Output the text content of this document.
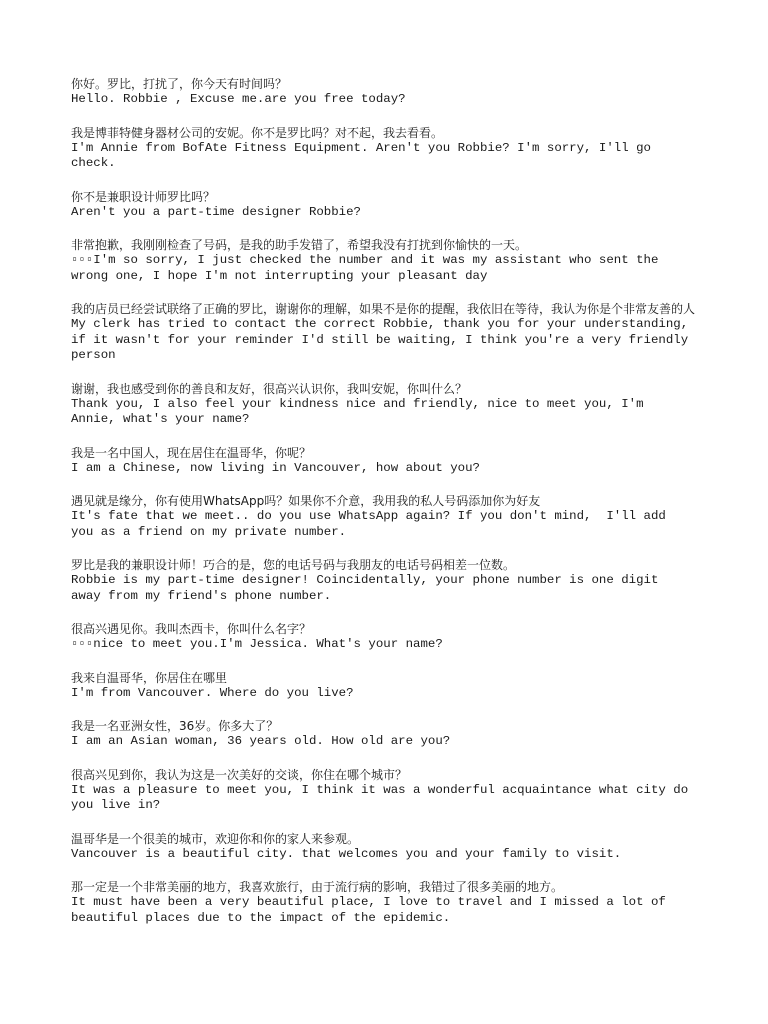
你好。罗比，打扰了，你今天有时间吗？
Hello. Robbie , Excuse me.are you free today?
我是博菲特健身器材公司的安妮。你不是罗比吗？对不起，我去看看。
I'm Annie from BofAte Fitness Equipment. Aren't you Robbie? I'm sorry, I'll go
check.
你不是兼职设计师罗比吗？
Aren't you a part-time designer Robbie?
非常抱歉，我刚刚检查了号码，是我的助手发错了，希望我没有打扰到你愉快的一天。
▫▫▫I'm so sorry, I just checked the number and it was my assistant who sent the
wrong one, I hope I'm not interrupting your pleasant day
我的店员已经尝试联络了正确的罗比，谢谢你的理解，如果不是你的提醒，我依旧在等待，我认为你是个非常友善的人
My clerk has tried to contact the correct Robbie, thank you for your understanding,
if it wasn't for your reminder I'd still be waiting, I think you're a very friendly
person
谢谢，我也感受到你的善良和友好，很高兴认识你，我叫安妮，你叫什么？
Thank you, I also feel your kindness nice and friendly, nice to meet you, I'm
Annie, what's your name?
我是一名中国人，现在居住在温哥华，你呢？
I am a Chinese, now living in Vancouver, how about you?
遇见就是缘分，你有使用WhatsApp吗？如果你不介意，我用我的私人号码添加你为好友
It's fate that we meet.. do you use WhatsApp again? If you don't mind,  I'll add
you as a friend on my private number.
罗比是我的兼职设计师！巧合的是，您的电话号码与我朋友的电话号码相差一位数。
Robbie is my part-time designer! Coincidentally, your phone number is one digit
away from my friend's phone number.
很高兴遇见你。我叫杰西卡，你叫什么名字？
▫▫▫nice to meet you.I'm Jessica. What's your name?
我来自温哥华，你居住在哪里
I'm from Vancouver. Where do you live?
我是一名亚洲女性，36岁。你多大了？
I am an Asian woman, 36 years old. How old are you?
很高兴见到你，我认为这是一次美好的交谈，你住在哪个城市？
It was a pleasure to meet you, I think it was a wonderful acquaintance what city do
you live in?
温哥华是一个很美的城市，欢迎你和你的家人来参观。
Vancouver is a beautiful city. that welcomes you and your family to visit.
那一定是一个非常美丽的地方，我喜欢旅行，由于流行病的影响，我错过了很多美丽的地方。
It must have been a very beautiful place, I love to travel and I missed a lot of
beautiful places due to the impact of the epidemic.
